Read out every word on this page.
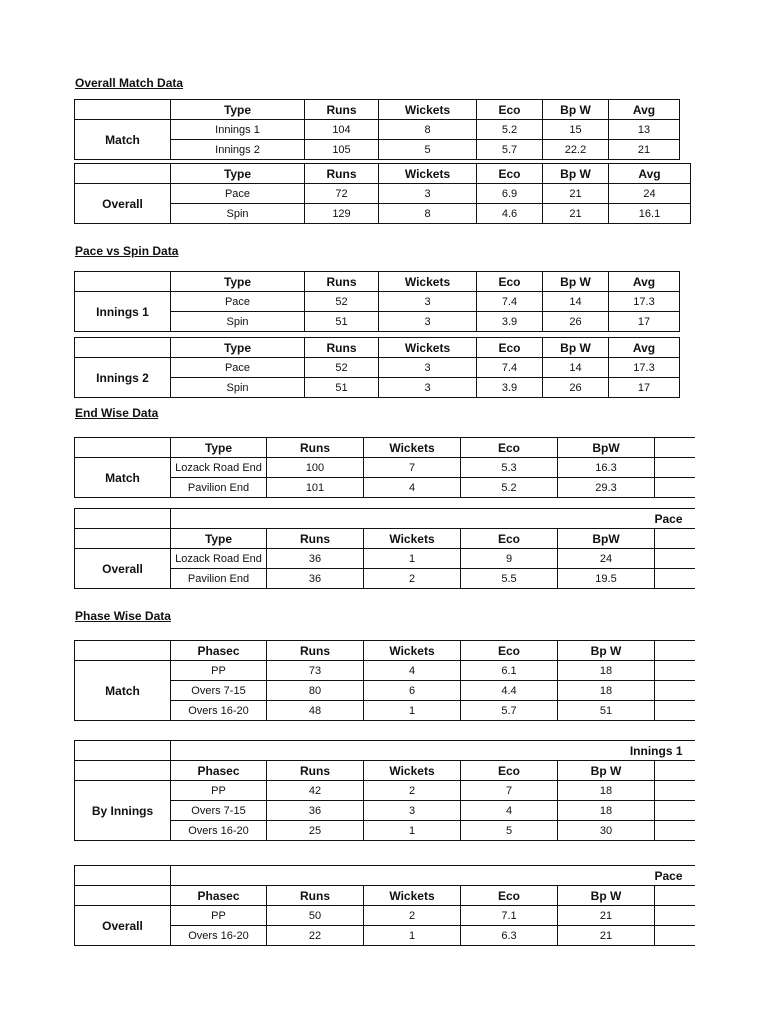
Overall Match Data
Pace vs Spin Data
End Wise Data
Phase Wise Data
	Type	Runs	Wickets	Eco	Bp W	Avg
Match	Innings 1	104	8	5.2	15	13
	Innings 2	105	5	5.7	22.2	21
	Type	Runs	Wickets	Eco	Bp W	Avg
Overall	Pace	72	3	6.9	21	24
	Spin	129	8	4.6	21	16.1
	Type	Runs	Wickets	Eco	Bp W	Avg
Innings 1	Pace	52	3	7.4	14	17.3
	Spin	51	3	3.9	26	17
	Type	Runs	Wickets	Eco	Bp W	Avg
Innings 2	Pace	52	3	7.4	14	17.3
	Spin	51	3	3.9	26	17
	Type	Runs	Wickets	Eco	BpW	
Match	Lozack Road End	100	7	5.3	16.3	
	Pavilion End	101	4	5.2	29.3	
	Pace					
	Type	Runs	Wickets	Eco	BpW	
Overall	Lozack Road End	36	1	9	24	
	Pavilion End	36	2	5.5	19.5	
	Phasec	Runs	Wickets	Eco	Bp W	
Match	PP	73	4	6.1	18	
	Overs 7-15	80	6	4.4	18	
	Overs 16-20	48	1	5.7	51	
	Innings 1					
	Phasec	Runs	Wickets	Eco	Bp W	
By Innings	PP	42	2	7	18	
	Overs 7-15	36	3	4	18	
	Overs 16-20	25	1	5	30	
	Pace					
	Phasec	Runs	Wickets	Eco	Bp W	
Overall	PP	50	2	7.1	21	
	Overs 16-20	22	1	6.3	21	
